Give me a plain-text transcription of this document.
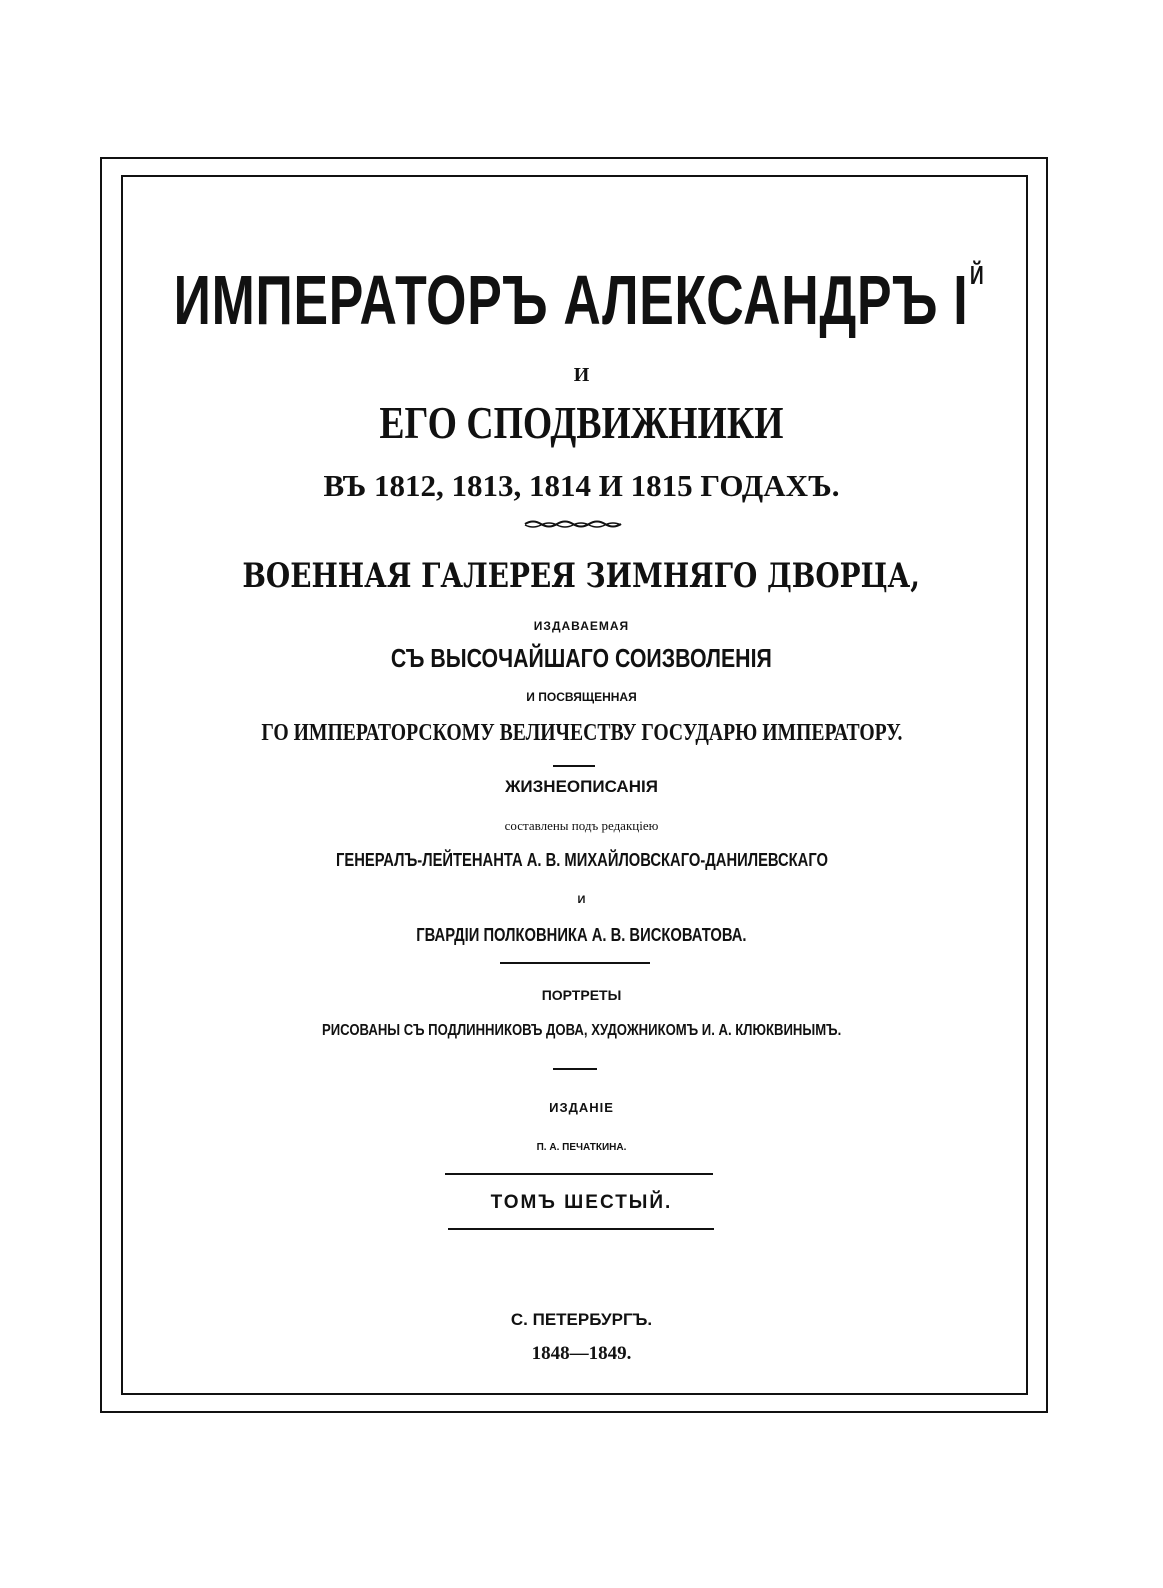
ИМПЕРАТОРЪ АЛЕКСАНДРЪ $I^Й$
И
ЕГО СПОДВИЖНИКИ
ВЪ 1812, 1813, 1814 И 1815 ГОДАХЪ.
ВОЕННАЯ ГАЛЕРЕЯ ЗИМНЯГО ДВОРЦА,
ИЗДАВАЕМАЯ
СЪ ВЫСОЧАЙШАГО СОИЗВОЛЕНІЯ
И ПОСВЯЩЕННАЯ
ГО ИМПЕРАТОРСКОМУ ВЕЛИЧЕСТВУ ГОСУДАРЮ ИМПЕРАТОРУ.
ЖИЗНЕОПИСАНІЯ
составлены подъ редакціею
ГЕНЕРАЛЪ-ЛЕЙТЕНАНТА А. В. МИХАЙЛОВСКАГО-ДАНИЛЕВСКАГО
И
ГВАРДІИ ПОЛКОВНИКА А. В. ВИСКОВАТОВА.
ПОРТРЕТЫ
РИСОВАНЫ СЪ ПОДЛИННИКОВЪ ДОВА, ХУДОЖНИКОМЪ И. А. КЛЮКВИНЫМЪ.
ИЗДАНІЕ
П. А. ПЕЧАТКИНА.
ТОМЪ ШЕСТЫЙ.
С. ПЕТЕРБУРГЪ.
1848—1849.
